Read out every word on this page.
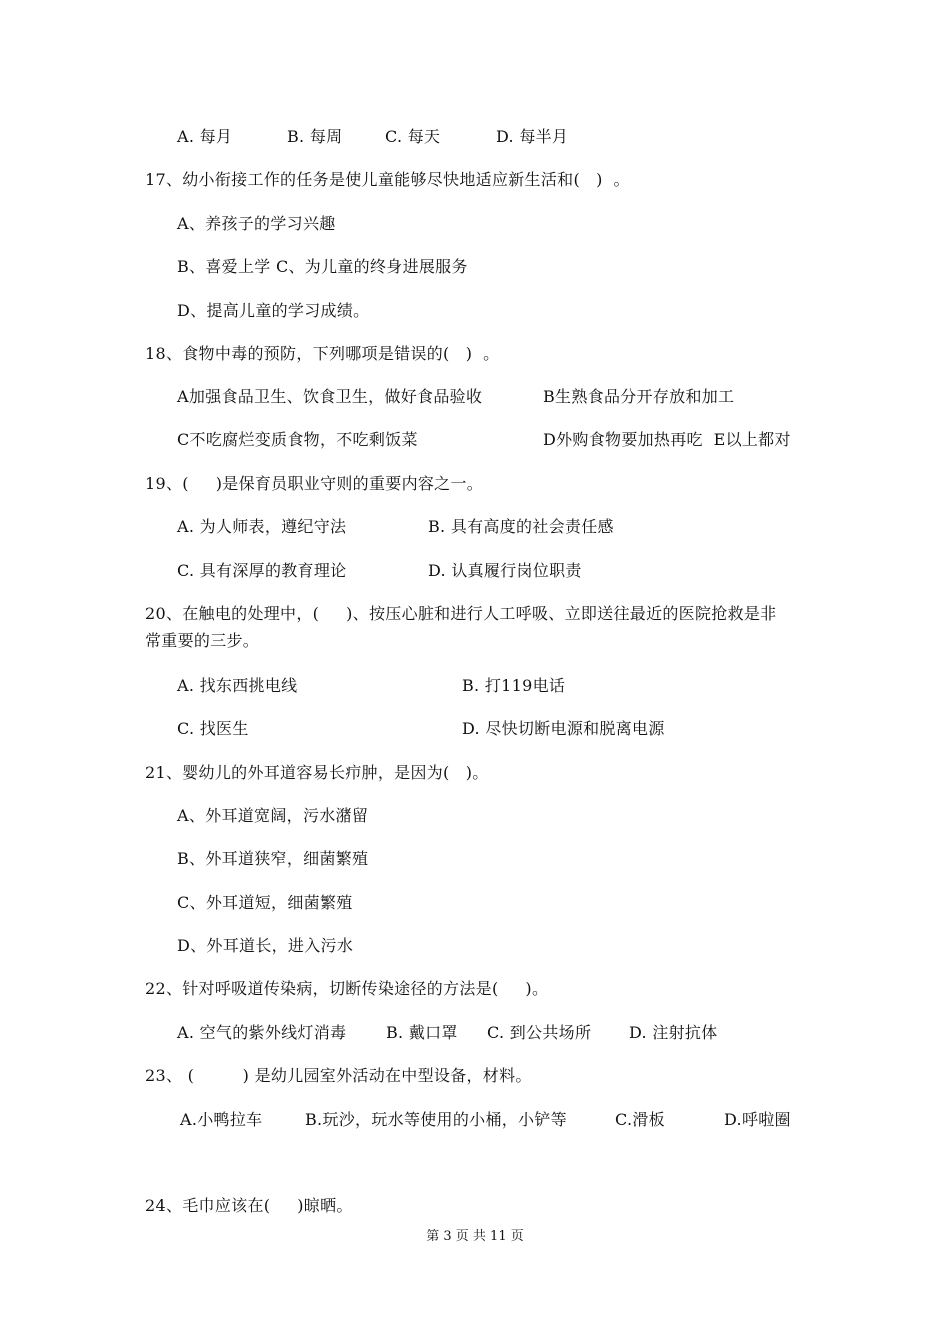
A. 每月	B. 每周	C. 每天	D. 每半月
17、幼小衔接工作的任务是使儿童能够尽快地适应新生活和(   )  。
A、养孩子的学习兴趣
B、喜爱上学 C、为儿童的终身进展服务
D、提高儿童的学习成绩。
18、食物中毒的预防，下列哪项是错误的(   )  。
A加强食品卫生、饮食卫生，做好食品验收	B生熟食品分开存放和加工
C不吃腐烂变质食物，不吃剩饭菜	D外购食物要加热再吃  E以上都对
19、(     )是保育员职业守则的重要内容之一。
A. 为人师表，遵纪守法	B. 具有高度的社会责任感
C. 具有深厚的教育理论	D. 认真履行岗位职责
20、在触电的处理中，(     )、按压心脏和进行人工呼吸、立即送往最近的医院抢救是非
常重要的三步。
A. 找东西挑电线	B. 打119电话
C. 找医生	D. 尽快切断电源和脱离电源
21、婴幼儿的外耳道容易长疖肿，是因为(   )。
A、外耳道宽阔，污水潴留
B、外耳道狭窄，细菌繁殖
C、外耳道短，细菌繁殖
D、外耳道长，进入污水
22、针对呼吸道传染病，切断传染途径的方法是(     )。
A. 空气的紫外线灯消毒 B. 戴口罩 C. 到公共场所 D. 注射抗体
23、 (         ) 是幼儿园室外活动在中型设备，材料。
A.小鸭拉车	B.玩沙，玩水等使用的小桶，小铲等	C.滑板	D.呼啦圈
24、毛巾应该在(     )晾晒。
第 3 页 共 11 页
